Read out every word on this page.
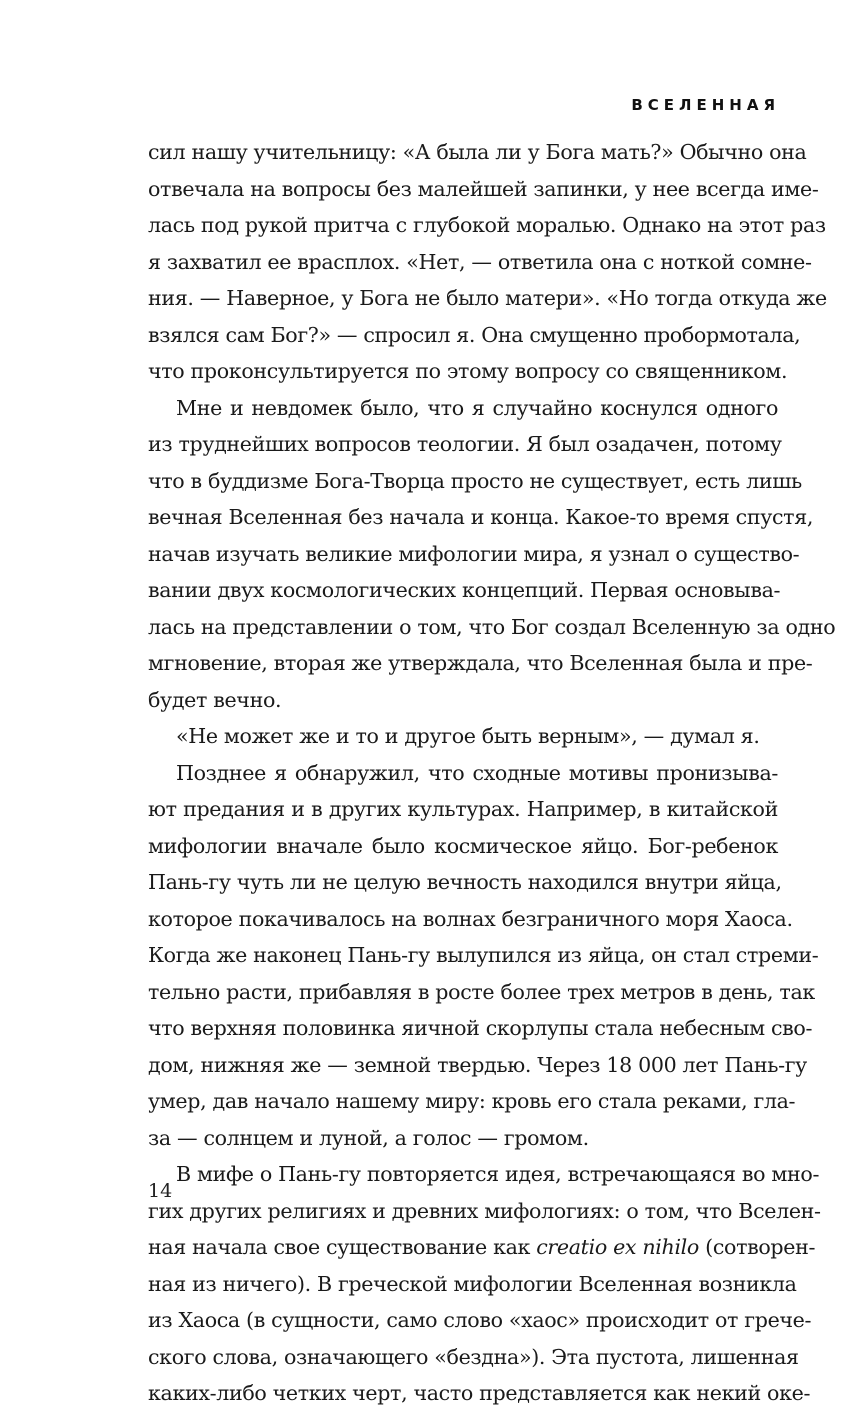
ВСЕЛЕННАЯ

сил нашу учительницу: «А была ли у Бога мать?» Обычно она
отвечала на вопросы без малейшей запинки, у нее всегда име-
лась под рукой притча с глубокой моралью. Однако на этот раз
я захватил ее врасплох. «Нет, — ответила она с ноткой сомне-
ния. — Наверное, у Бога не было матери». «Но тогда откуда же
взялся сам Бог?» — спросил я. Она смущенно пробормотала,
что проконсультируется по этому вопросу со священником.

Мне и невдомек было, что я случайно коснулся одного
из труднейших вопросов теологии. Я был озадачен, потому
что в буддизме Бога-Творца просто не существует, есть лишь
вечная Вселенная без начала и конца. Какое-то время спустя,
начав изучать великие мифологии мира, я узнал о существо-
вании двух космологических концепций. Первая основыва-
лась на представлении о том, что Бог создал Вселенную за одно
мгновение, вторая же утверждала, что Вселенная была и пре-
будет вечно.

«Не может же и то и другое быть верным», — думал я.

Позднее я обнаружил, что сходные мотивы пронизыва-
ют предания и в других культурах. Например, в китайской
мифологии вначале было космическое яйцо. Бог-ребенок
Пань-гу чуть ли не целую вечность находился внутри яйца,
которое покачивалось на волнах безграничного моря Хаоса.
Когда же наконец Пань-гу вылупился из яйца, он стал стреми-
тельно расти, прибавляя в росте более трех метров в день, так
что верхняя половинка яичной скорлупы стала небесным сво-
дом, нижняя же — земной твердью. Через 18 000 лет Пань-гу
умер, дав начало нашему миру: кровь его стала реками, гла-
за — солнцем и луной, а голос — громом.

В мифе о Пань-гу повторяется идея, встречающаяся во мно-
гих других религиях и древних мифологиях: о том, что Вселен-
ная начала свое существование как creatio ex nihilo (сотворен-
ная из ничего). В греческой мифологии Вселенная возникла
из Хаоса (в сущности, само слово «хаос» происходит от грече-
ского слова, означающего «бездна»). Эта пустота, лишенная
каких-либо четких черт, часто представляется как некий оке-

14
